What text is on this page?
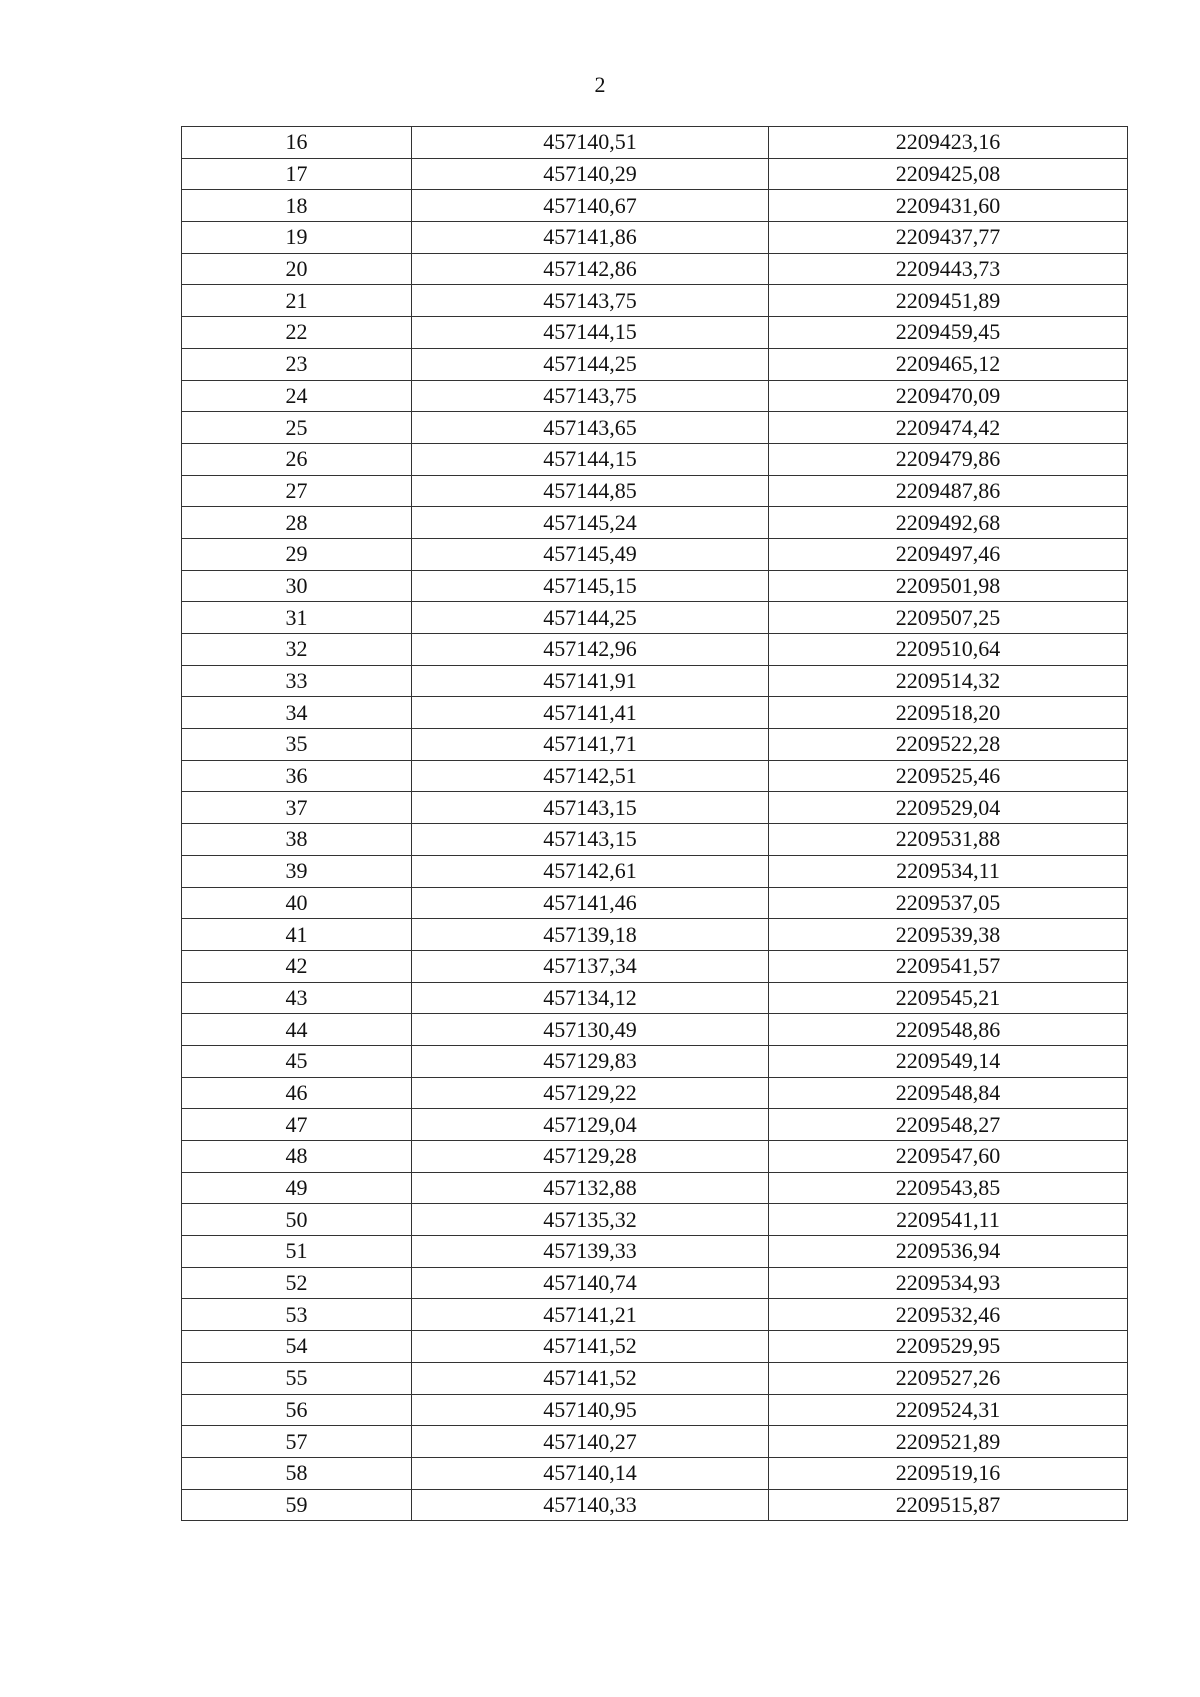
2
16	457140,51	2209423,16
17	457140,29	2209425,08
18	457140,67	2209431,60
19	457141,86	2209437,77
20	457142,86	2209443,73
21	457143,75	2209451,89
22	457144,15	2209459,45
23	457144,25	2209465,12
24	457143,75	2209470,09
25	457143,65	2209474,42
26	457144,15	2209479,86
27	457144,85	2209487,86
28	457145,24	2209492,68
29	457145,49	2209497,46
30	457145,15	2209501,98
31	457144,25	2209507,25
32	457142,96	2209510,64
33	457141,91	2209514,32
34	457141,41	2209518,20
35	457141,71	2209522,28
36	457142,51	2209525,46
37	457143,15	2209529,04
38	457143,15	2209531,88
39	457142,61	2209534,11
40	457141,46	2209537,05
41	457139,18	2209539,38
42	457137,34	2209541,57
43	457134,12	2209545,21
44	457130,49	2209548,86
45	457129,83	2209549,14
46	457129,22	2209548,84
47	457129,04	2209548,27
48	457129,28	2209547,60
49	457132,88	2209543,85
50	457135,32	2209541,11
51	457139,33	2209536,94
52	457140,74	2209534,93
53	457141,21	2209532,46
54	457141,52	2209529,95
55	457141,52	2209527,26
56	457140,95	2209524,31
57	457140,27	2209521,89
58	457140,14	2209519,16
59	457140,33	2209515,87
